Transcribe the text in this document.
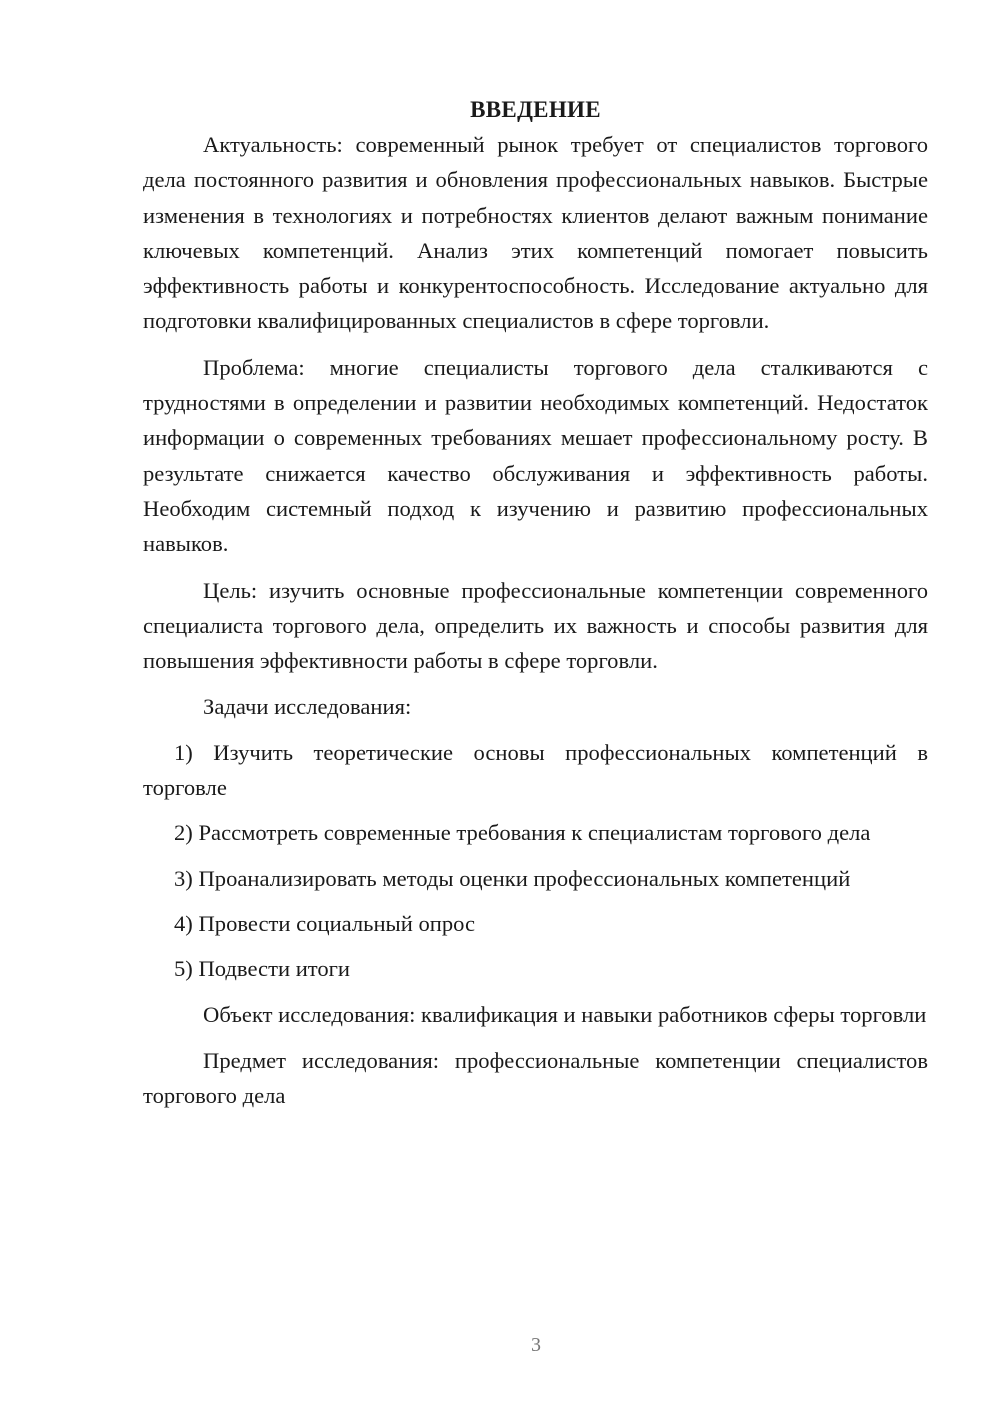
ВВЕДЕНИЕ

Актуальность: современный рынок требует от специалистов торгового дела постоянного развития и обновления профессиональных навыков. Быстрые изменения в технологиях и потребностях клиентов делают важным понимание ключевых компетенций. Анализ этих компетенций помогает повысить эффективность работы и конкурентоспособность. Исследование актуально для подготовки квалифицированных специалистов в сфере торговли.

Проблема: многие специалисты торгового дела сталкиваются с трудностями в определении и развитии необходимых компетенций. Недостаток информации о современных требованиях мешает профессиональному росту. В результате снижается качество обслуживания и эффективность работы. Необходим системный подход к изучению и развитию профессиональных навыков.

Цель: изучить основные профессиональные компетенции современного специалиста торгового дела, определить их важность и способы развития для повышения эффективности работы в сфере торговли.

Задачи исследования:

1) Изучить теоретические основы профессиональных компетенций в торговле

2) Рассмотреть современные требования к специалистам торгового дела

3) Проанализировать методы оценки профессиональных компетенций

4) Провести социальный опрос

5) Подвести итоги

Объект исследования: квалификация и навыки работников сферы торговли

Предмет исследования: профессиональные компетенции специалистов торгового дела

3
